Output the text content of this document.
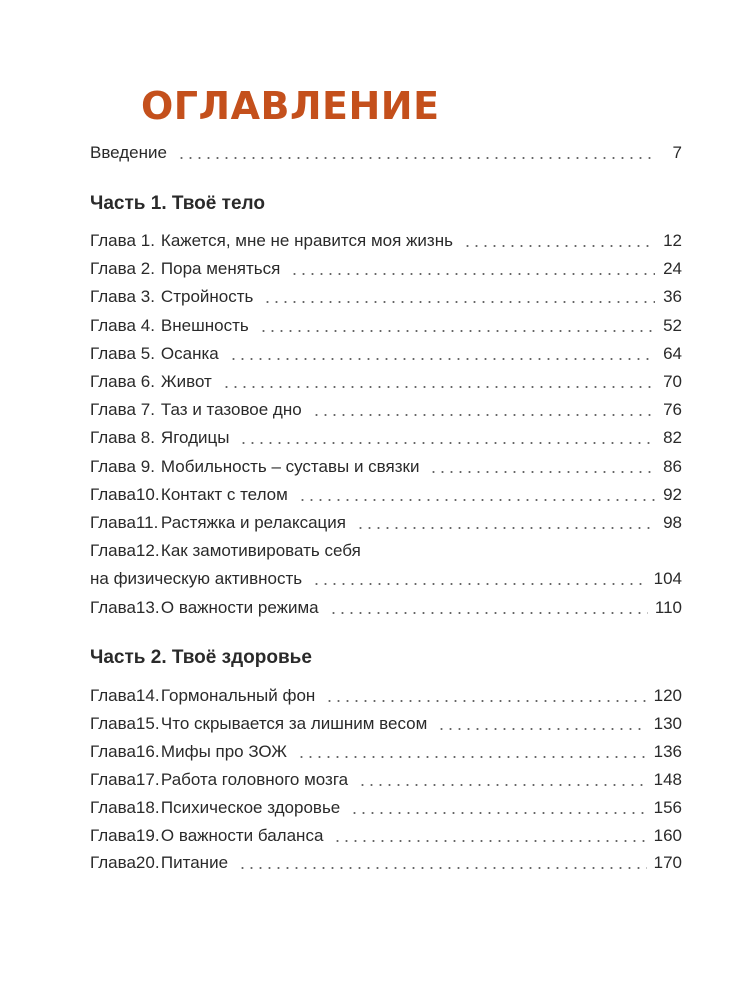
ОГЛАВЛЕНИЕ
Введение	7
Часть 1. Твоё тело
Часть 2. Твоё здоровье
Глава 1. Кажется, мне не нравится моя жизнь	12
Глава 2. Пора меняться	24
Глава 3. Стройность	36
Глава 4. Внешность	52
Глава 5. Осанка	64
Глава 6. Живот	70
Глава 7. Таз и тазовое дно	76
Глава 8. Ягодицы	82
Глава 9. Мобильность – суставы и связки	86
Глава 10. Контакт с телом	92
Глава 11. Растяжка и релаксация	98
Глава 12. Как замотивировать себя
на физическую активность	104
Глава 13. О важности режима	110
Глава 14. Гормональный фон	120
Глава 15. Что скрывается за лишним весом	130
Глава 16. Мифы про ЗОЖ	136
Глава 17. Работа головного мозга	148
Глава 18. Психическое здоровье	156
Глава 19. О важности баланса	160
Глава 20. Питание	170
